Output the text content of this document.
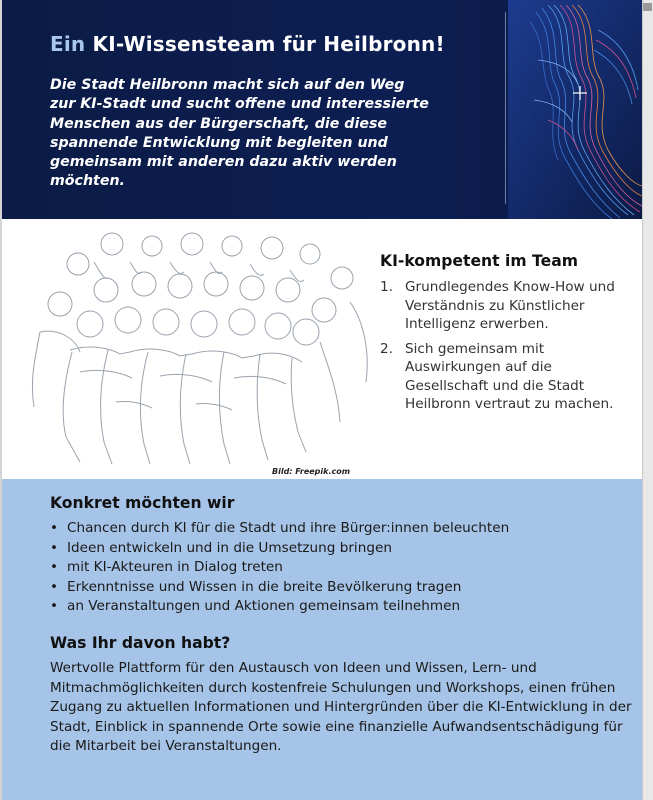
Ein KI-Wissensteam für Heilbronn!

Die Stadt Heilbronn macht sich auf den Weg zur KI-Stadt und sucht offene und interessierte Menschen aus der Bürgerschaft, die diese spannende Entwicklung mit begleiten und gemeinsam mit anderen dazu aktiv werden möchten.

Bild: Freepik.com
KI-kompetent im Team
1. Grundlegendes Know-How und Verständnis zu Künstlicher Intelligenz erwerben.
2. Sich gemeinsam mit Auswirkungen auf die Gesellschaft und die Stadt Heilbronn vertraut zu machen.
Konkret möchten wir
• Chancen durch KI für die Stadt und ihre Bürger:innen beleuchten
• Ideen entwickeln und in die Umsetzung bringen
• mit KI-Akteuren in Dialog treten
• Erkenntnisse und Wissen in die breite Bevölkerung tragen
• an Veranstaltungen und Aktionen gemeinsam teilnehmen
Was Ihr davon habt?

Wertvolle Plattform für den Austausch von Ideen und Wissen, Lern- und Mitmachmöglichkeiten durch kostenfreie Schulungen und Workshops, einen frühen Zugang zu aktuellen Informationen und Hintergründen über die KI-Entwicklung in der Stadt, Einblick in spannende Orte sowie eine finanzielle Aufwandsentschädigung für die Mitarbeit bei Veranstaltungen.
